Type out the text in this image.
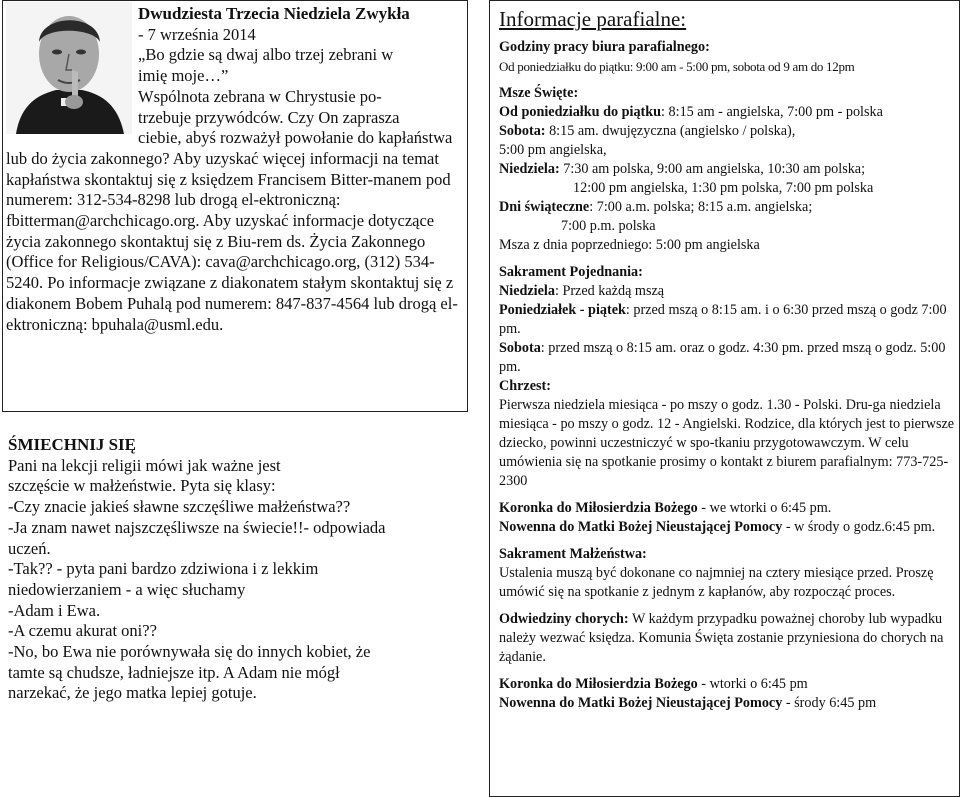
Dwudziesta Trzecia Niedziela Zwykła

- 7 września 2014

„Bo gdzie są dwaj albo trzej zebrani w

imię moje…”

Wspólnota zebrana w Chrystusie po-

trzebuje przywódców. Czy On zaprasza

ciebie, abyś rozważył powołanie do kapłaństwa lub do życia zakonnego? Aby uzyskać więcej informacji na temat kapłaństwa skontaktuj się z księdzem Francisem Bitter-manem pod numerem: 312-534-8298 lub drogą el-ektroniczną: fbitterman@archchicago.org. Aby uzyskać informacje dotyczące życia zakonnego skontaktuj się z Biu-rem ds. Życia Zakonnego (Office for Religious/CAVA): cava@archchicago.org, (312) 534-5240. Po informacje związane z diakonatem stałym skontaktuj się z diakonem Bobem Puhalą pod numerem: 847-837-4564 lub drogą el-ektroniczną: bpuhala@usml.edu.

ŚMIECHNIJ SIĘ

Pani na lekcji religii mówi jak ważne jest

szczęście w małżeństwie. Pyta się klasy:

-Czy znacie jakieś sławne szczęśliwe małżeństwa??

-Ja znam nawet najszczęśliwsze na świecie!!- odpowiada

uczeń.

-Tak?? - pyta pani bardzo zdziwiona i z lekkim

niedowierzaniem - a więc słuchamy

-Adam i Ewa.

-A czemu akurat oni??

-No, bo Ewa nie porównywała się do innych kobiet, że

tamte są chudsze, ładniejsze itp. A Adam nie mógł

narzekać, że jego matka lepiej gotuje.

Informacje parafialne:

Godziny pracy biura parafialnego:

Od poniedziałku do piątku: 9:00 am - 5:00 pm, sobota od 9 am do 12pm

Msze Święte:

Od poniedziałku do piątku: 8:15 am - angielska, 7:00 pm - polska

Sobota: 8:15 am. dwujęzyczna (angielsko / polska),

5:00 pm angielska,

Niedziela: 7:30 am polska, 9:00 am angielska, 10:30 am polska;

12:00 pm angielska, 1:30 pm polska, 7:00 pm polska

Dni świąteczne: 7:00 a.m. polska; 8:15 a.m. angielska;

7:00 p.m. polska

Msza z dnia poprzedniego: 5:00 pm angielska

Sakrament Pojednania:

Niedziela: Przed każdą mszą

Poniedziałek - piątek: przed mszą o 8:15 am. i o 6:30 przed mszą o godz 7:00 pm.

Sobota: przed mszą o 8:15 am. oraz o godz. 4:30 pm. przed mszą o godz. 5:00 pm.

Chrzest:

Pierwsza niedziela miesiąca - po mszy o godz. 1.30 - Polski. Dru-ga niedziela miesiąca - po mszy o godz. 12 - Angielski. Rodzice, dla których jest to pierwsze dziecko, powinni uczestniczyć w spo-tkaniu przygotowawczym. W celu umówienia się na spotkanie prosimy o kontakt z biurem parafialnym: 773-725-2300

Koronka do Miłosierdzia Bożego - we wtorki o 6:45 pm.

Nowenna do Matki Bożej Nieustającej Pomocy - w środy o godz.6:45 pm.

Sakrament Małżeństwa:

Ustalenia muszą być dokonane co najmniej na cztery miesiące przed. Proszę umówić się na spotkanie z jednym z kapłanów, aby rozpocząć proces.

Odwiedziny chorych: W każdym przypadku poważnej choroby lub wypadku należy wezwać księdza. Komunia Święta zostanie przyniesiona do chorych na żądanie.

Koronka do Miłosierdzia Bożego - wtorki o 6:45 pm

Nowenna do Matki Bożej Nieustającej Pomocy - środy 6:45 pm
